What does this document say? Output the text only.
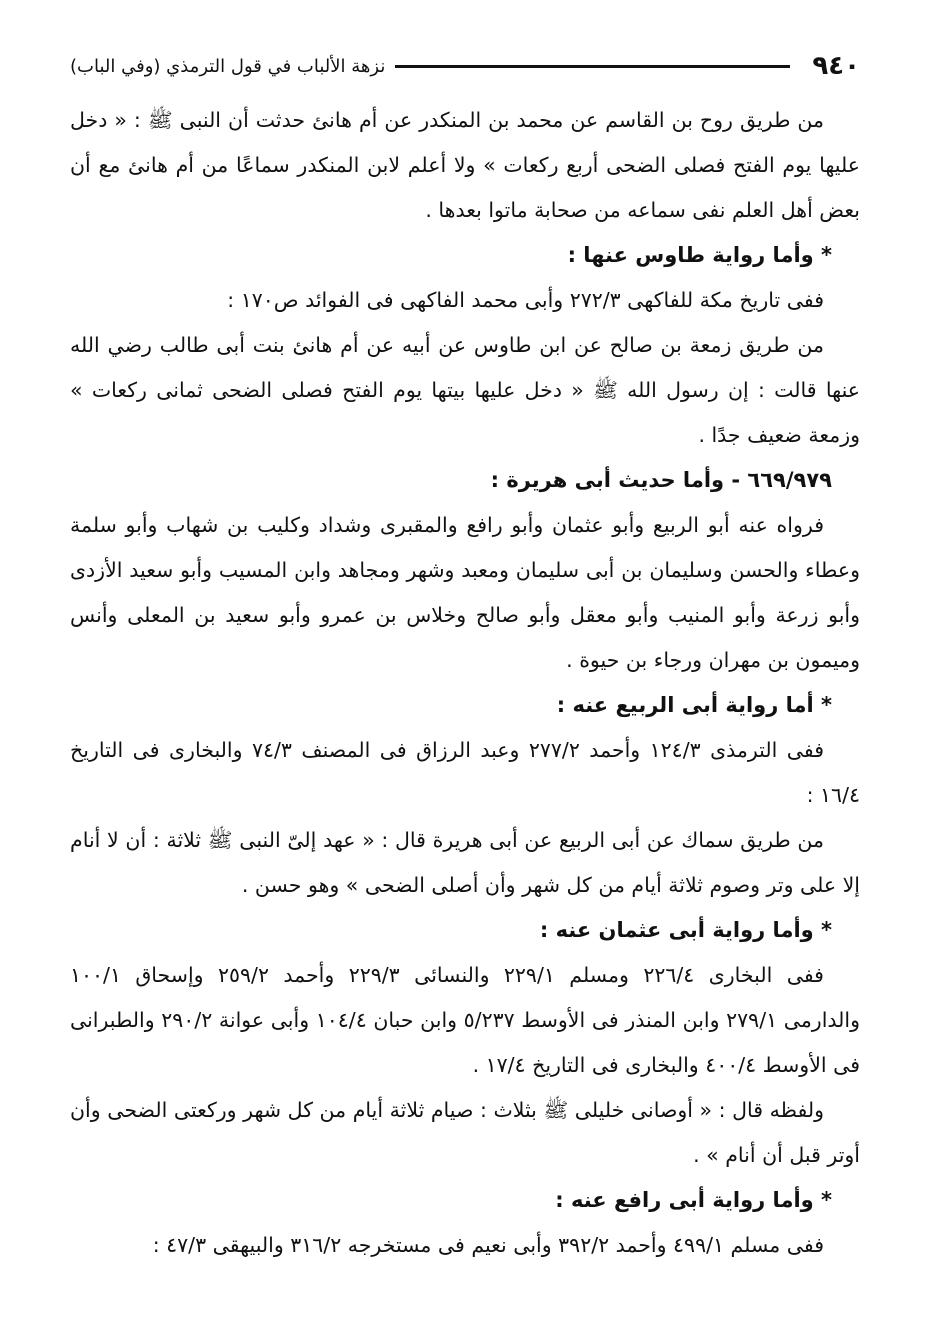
٩٤٠
نزهة الألباب في قول الترمذي (وفي الباب)

من طريق روح بن القاسم عن محمد بن المنكدر عن أم هانئ حدثت أن النبى ﷺ : « دخل عليها يوم الفتح فصلى الضحى أربع ركعات » ولا أعلم لابن المنكدر سماعًا من أم هانئ مع أن بعض أهل العلم نفى سماعه من صحابة ماتوا بعدها .

* وأما رواية طاوس عنها :

ففى تاريخ مكة للفاكهى ٢٧٢/٣ وأبى محمد الفاكهى فى الفوائد ص١٧٠ :

من طريق زمعة بن صالح عن ابن طاوس عن أبيه عن أم هانئ بنت أبى طالب رضي الله عنها قالت : إن رسول الله ﷺ « دخل عليها بيتها يوم الفتح فصلى الضحى ثمانى ركعات » وزمعة ضعيف جدًا .

٦٦٩/٩٧٩ - وأما حديث أبى هريرة :

فرواه عنه أبو الربيع وأبو عثمان وأبو رافع والمقبرى وشداد وكليب بن شهاب وأبو سلمة وعطاء والحسن وسليمان بن أبى سليمان ومعبد وشهر ومجاهد وابن المسيب وأبو سعيد الأزدى وأبو زرعة وأبو المنيب وأبو معقل وأبو صالح وخلاس بن عمرو وأبو سعيد بن المعلى وأنس وميمون بن مهران ورجاء بن حيوة .

* أما رواية أبى الربيع عنه :

ففى الترمذى ١٢٤/٣ وأحمد ٢٧٧/٢ وعبد الرزاق فى المصنف ٧٤/٣ والبخارى فى التاريخ ١٦/٤ :

من طريق سماك عن أبى الربيع عن أبى هريرة قال : « عهد إلىّ النبى ﷺ ثلاثة : أن لا أنام إلا على وتر وصوم ثلاثة أيام من كل شهر وأن أصلى الضحى » وهو حسن .

* وأما رواية أبى عثمان عنه :

ففى البخارى ٢٢٦/٤ ومسلم ٢٢٩/١ والنسائى ٢٢٩/٣ وأحمد ٢٥٩/٢ وإسحاق ١٠٠/١ والدارمى ٢٧٩/١ وابن المنذر فى الأوسط ٥/٢٣٧ وابن حبان ١٠٤/٤ وأبى عوانة ٢٩٠/٢ والطبرانى فى الأوسط ٤٠٠/٤ والبخارى فى التاريخ ١٧/٤ .

ولفظه قال : « أوصانى خليلى ﷺ بثلاث : صيام ثلاثة أيام من كل شهر وركعتى الضحى وأن أوتر قبل أن أنام » .

* وأما رواية أبى رافع عنه :

ففى مسلم ٤٩٩/١ وأحمد ٣٩٢/٢ وأبى نعيم فى مستخرجه ٣١٦/٢ والبيهقى ٤٧/٣ :
